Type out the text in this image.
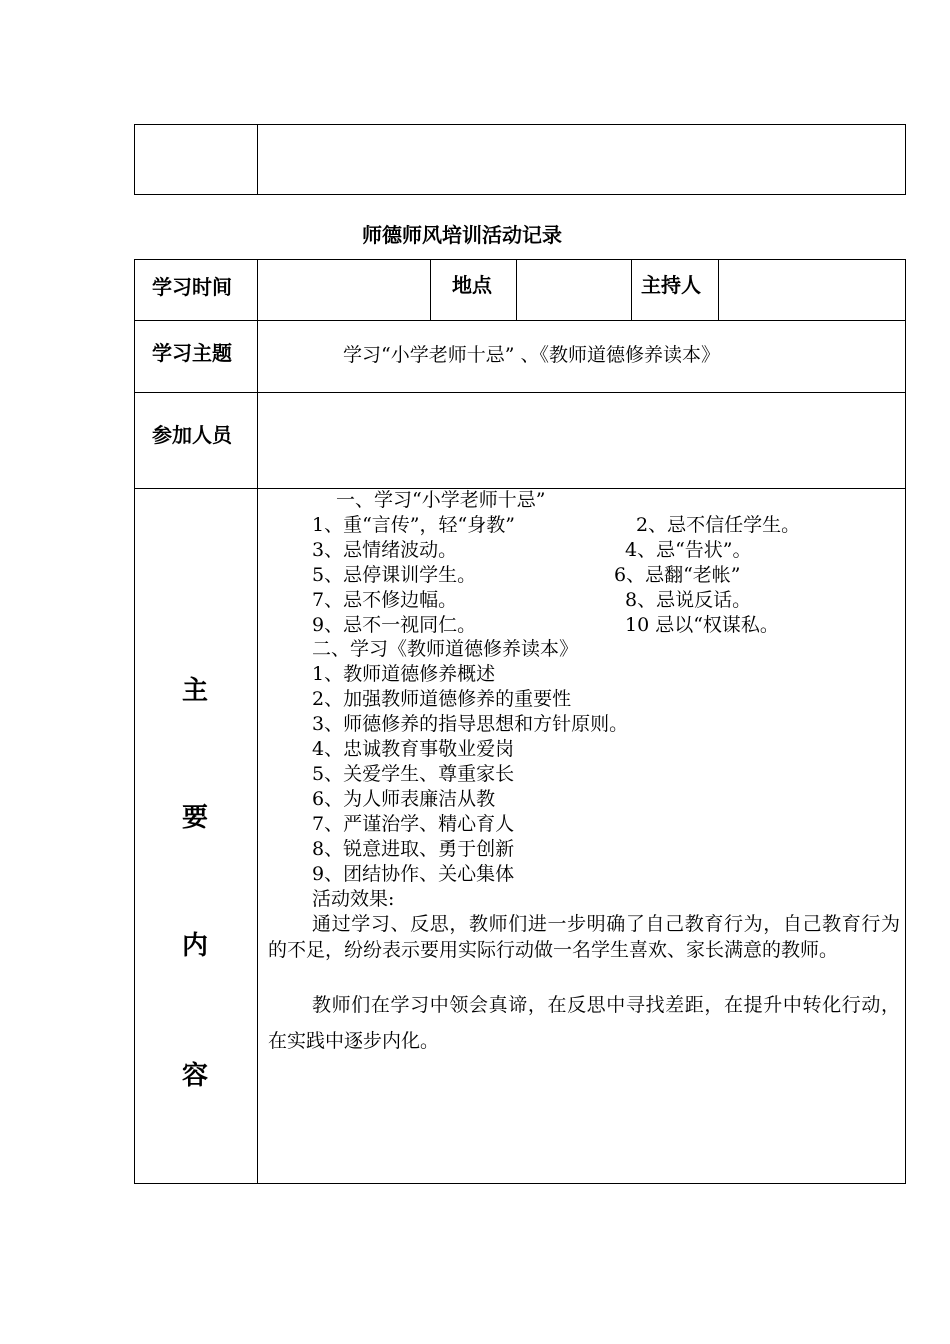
师德师风培训活动记录
学习时间	地点	主持人
学习主题	学习“小学老师十忌” 、《教师道德修养读本》
参加人员
主
要
内
容
一、学习“小学老师十忌”
1、重“言传”，轻“身教”	2、忌不信任学生。
3、忌情绪波动。	4、忌“告状”。
5、忌停课训学生。	6、忌翻“老帐”
7、忌不修边幅。	8、忌说反话。
9、忌不一视同仁。	10 忌以“权谋私。
二、学习《教师道德修养读本》
1、教师道德修养概述
2、加强教师道德修养的重要性
3、师德修养的指导思想和方针原则。
4、忠诚教育事敬业爱岗
5、关爱学生、尊重家长
6、为人师表廉洁从教
7、严谨治学、精心育人
8、锐意进取、勇于创新
9、团结协作、关心集体
活动效果:
通过学习、反思，教师们进一步明确了自己教育行为，自己教育行为的不足，纷纷表示要用实际行动做一名学生喜欢、家长满意的教师。
教师们在学习中领会真谛，在反思中寻找差距，在提升中转化行动，在实践中逐步内化。
